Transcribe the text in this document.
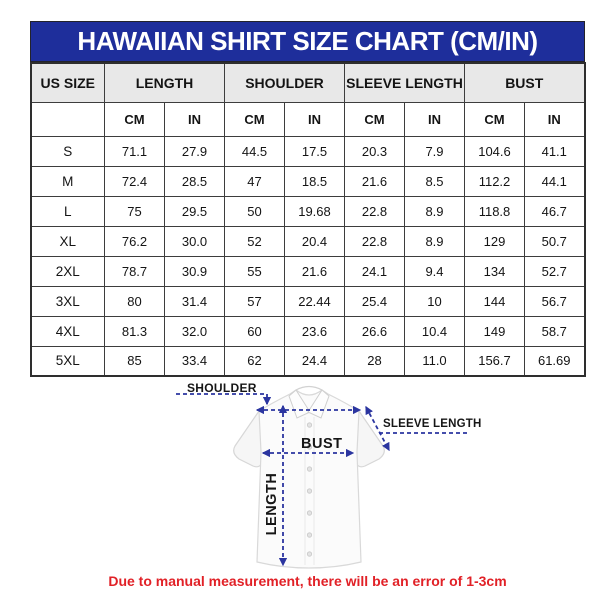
HAWAIIAN SHIRT SIZE CHART (CM/IN)
US SIZE	LENGTH		SHOULDER		SLEEVE LENGTH		BUST	
	CM	IN	CM	IN	CM	IN	CM	IN
S	71.1	27.9	44.5	17.5	20.3	7.9	104.6	41.1
M	72.4	28.5	47	18.5	21.6	8.5	112.2	44.1
L	75	29.5	50	19.68	22.8	8.9	118.8	46.7
XL	76.2	30.0	52	20.4	22.8	8.9	129	50.7
2XL	78.7	30.9	55	21.6	24.1	9.4	134	52.7
3XL	80	31.4	57	22.44	25.4	10	144	56.7
4XL	81.3	32.0	60	23.6	26.6	10.4	149	58.7
5XL	85	33.4	62	24.4	28	11.0	156.7	61.69
SHOULDER
SLEEVE LENGTH
BUST
LENGTH
Due to manual measurement, there will be an error of 1-3cm
